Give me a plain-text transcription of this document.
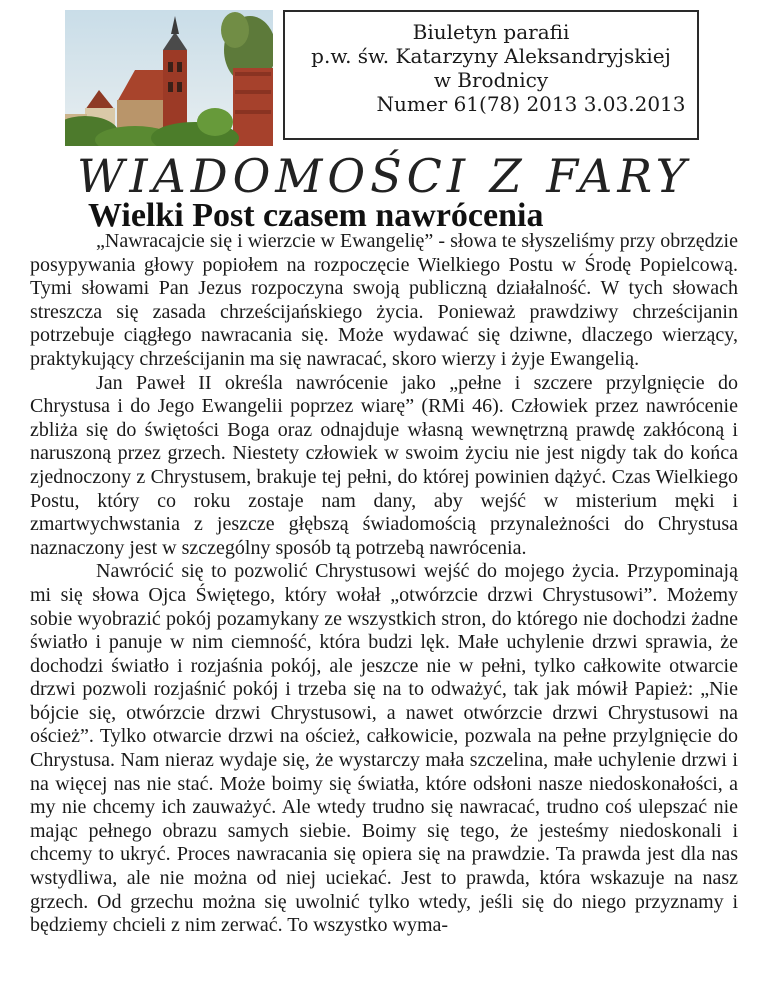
Biuletyn parafii
p.w. św. Katarzyny Aleksandryjskiej
w Brodnicy
Numer 61(78) 2013 3.03.2013
WIADOMOŚCI Z FARY
Wielki Post czasem nawrócenia

„Nawracajcie się i wierzcie w Ewangelię” - słowa te słyszeliśmy przy obrzędzie posypywania głowy popiołem na rozpoczęcie Wielkiego Postu w Środę Popielcową. Tymi słowami Pan Jezus rozpoczyna swoją publiczną działalność. W tych słowach streszcza się zasada chrześcijańskiego życia. Ponieważ prawdziwy chrześcijanin potrzebuje ciągłego nawracania się. Może wydawać się dziwne, dlaczego wierzący, praktykujący chrześcijanin ma się nawracać, skoro wierzy i żyje Ewangelią.

Jan Paweł II określa nawrócenie jako „pełne i szczere przylgnięcie do Chrystusa i do Jego Ewangelii poprzez wiarę” (RMi 46). Człowiek przez nawrócenie zbliża się do świętości Boga oraz odnajduje własną wewnętrzną prawdę zakłóconą i naruszoną przez grzech. Niestety człowiek w swoim życiu nie jest nigdy tak do końca zjednoczony z Chrystusem, brakuje tej pełni, do której powinien dążyć. Czas Wielkiego Postu, który co roku zostaje nam dany, aby wejść w misterium męki i zmartwychwstania z jeszcze głębszą świadomością przynależności do Chrystusa naznaczony jest w szczególny sposób tą potrzebą nawrócenia.

Nawrócić się to pozwolić Chrystusowi wejść do mojego życia. Przypominają mi się słowa Ojca Świętego, który wołał „otwórzcie drzwi Chrystusowi”. Możemy sobie wyobrazić pokój pozamykany ze wszystkich stron, do którego nie dochodzi żadne światło i panuje w nim ciemność, która budzi lęk. Małe uchylenie drzwi sprawia, że dochodzi światło i rozjaśnia pokój, ale jeszcze nie w pełni, tylko całkowite otwarcie drzwi pozwoli rozjaśnić pokój i trzeba się na to odważyć, tak jak mówił Papież: „Nie bójcie się, otwórzcie drzwi Chrystusowi, a nawet otwórzcie drzwi Chrystusowi na oścież”. Tylko otwarcie drzwi na oścież, całkowicie, pozwala na pełne przylgnięcie do Chrystusa. Nam nieraz wydaje się, że wystarczy mała szczelina, małe uchylenie drzwi i na więcej nas nie stać. Może boimy się światła, które odsłoni nasze niedoskonałości, a my nie chcemy ich zauważyć. Ale wtedy trudno się nawracać, trudno coś ulepszać nie mając pełnego obrazu samych siebie. Boimy się tego, że jesteśmy niedoskonali i chcemy to ukryć. Proces nawracania się opiera się na prawdzie. Ta prawda jest dla nas wstydliwa, ale nie można od niej uciekać. Jest to prawda, która wskazuje na nasz grzech. Od grzechu można się uwolnić tylko wtedy, jeśli się do niego przyznamy i będziemy chcieli z nim zerwać. To wszystko wyma-
